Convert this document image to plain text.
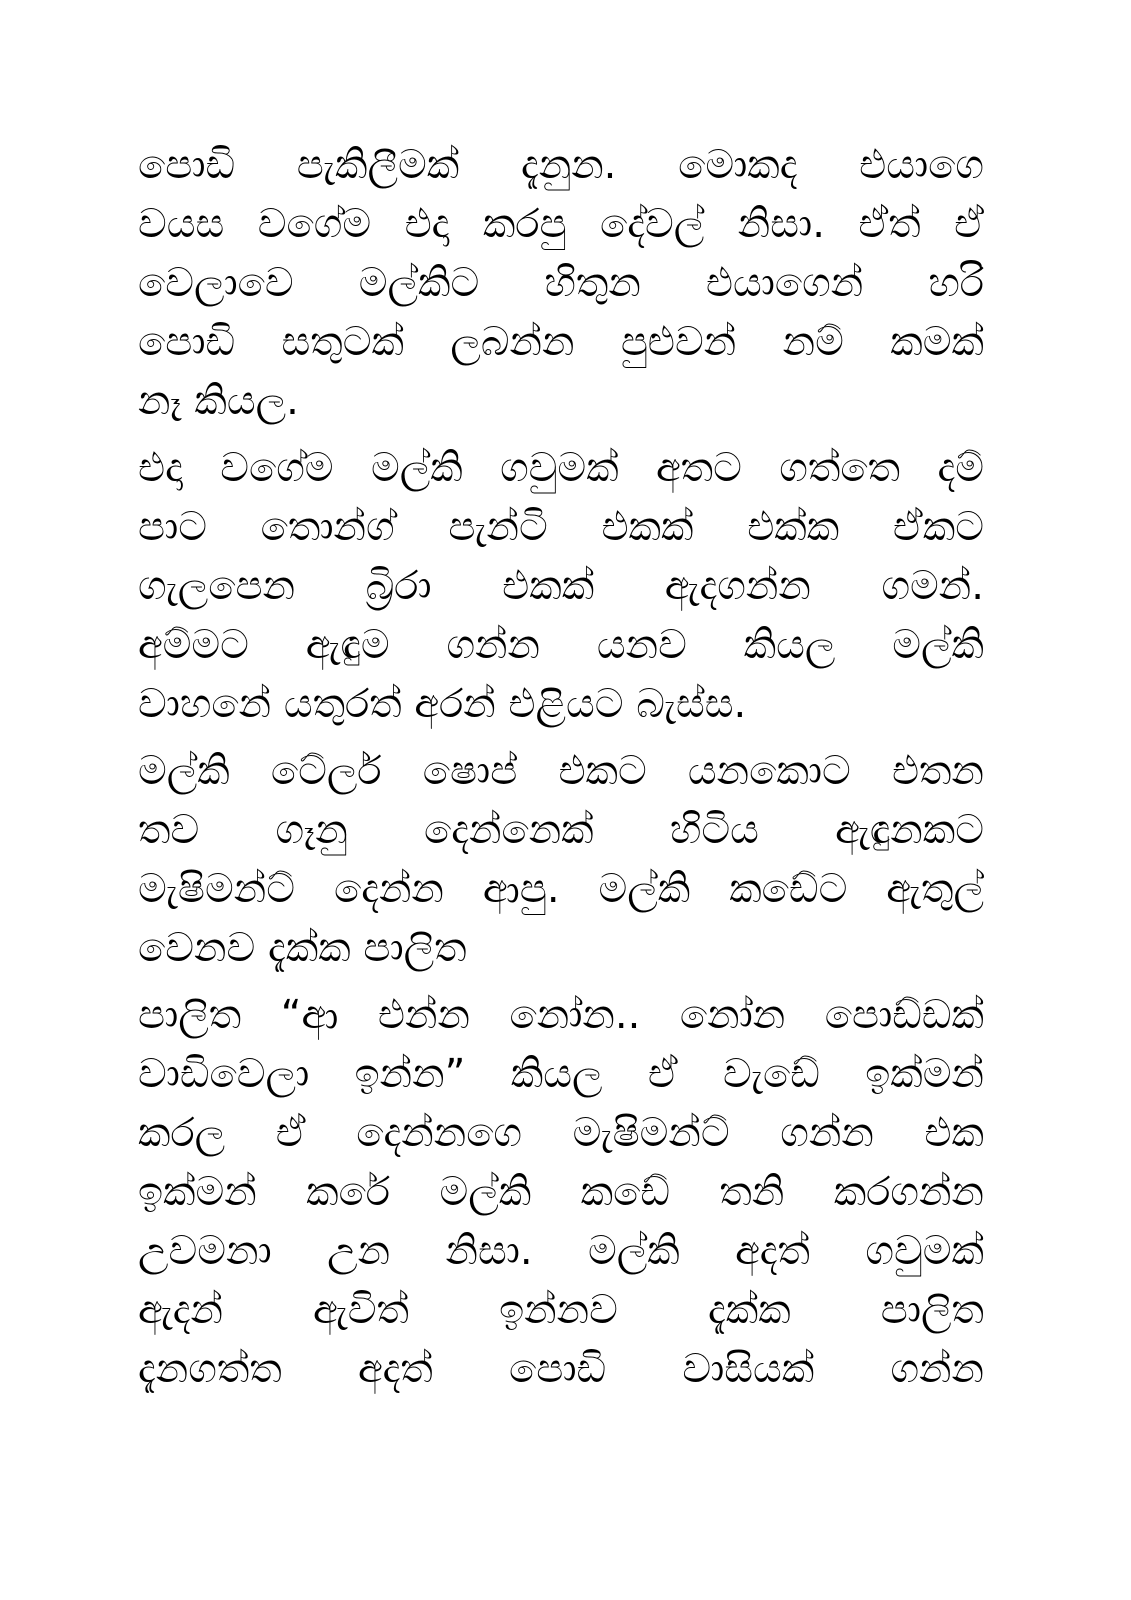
පොඩි පැකිලීමක් දැනුන. මොකද එයාගෙ
වයස වගේම එදා කරපු දේවල් නිසා. ඒත් ඒ
වෙලාවෙ මල්කිට හිතුන එයාගෙන් හරි
පොඩි සතුටක් ලබන්න පුළුවන් නම් කමක්
නෑ කියල.
එදා වගේම මල්කි ගවුමක් අතට ගත්තෙ දම්
පාට තොන්ග් පැන්ටි එකක් එක්ක ඒකට
ගැලපෙන බ්‍රිරා එකක් ඇදගන්න ගමන්.
අම්මට ඇඳුම ගන්න යනව කියල මල්කි
වාහනේ යතුරත් අරන් එළියට බැස්ස.
මල්කි ටේලර් ෂොප් එකට යනකොට එතන
තව ගෑනු දෙන්නෙක් හිටිය ඇඳුනකට
මැෂිමන්ට් දෙන්න ආපු. මල්කි කඩේට ඇතුල්
වෙනව දැක්ක පාලිත
පාලිත “ආ එන්න නෝන.. නෝන පොඩ්ඩක්
වාඩිවෙලා ඉන්න” කියල ඒ වැඩේ ඉක්මන්
කරල ඒ දෙන්නගෙ මැෂිමන්ට් ගන්න එක
ඉක්මන් කරේ මල්කි කඩේ තනි කරගන්න
උවමනා උන නිසා. මල්කි අදත් ගවුමක්
ඇදන් ඇවිත් ඉන්නව දැක්ක පාලිත
දැනගත්ත අදත් පොඩි වාසියක් ගන්න
